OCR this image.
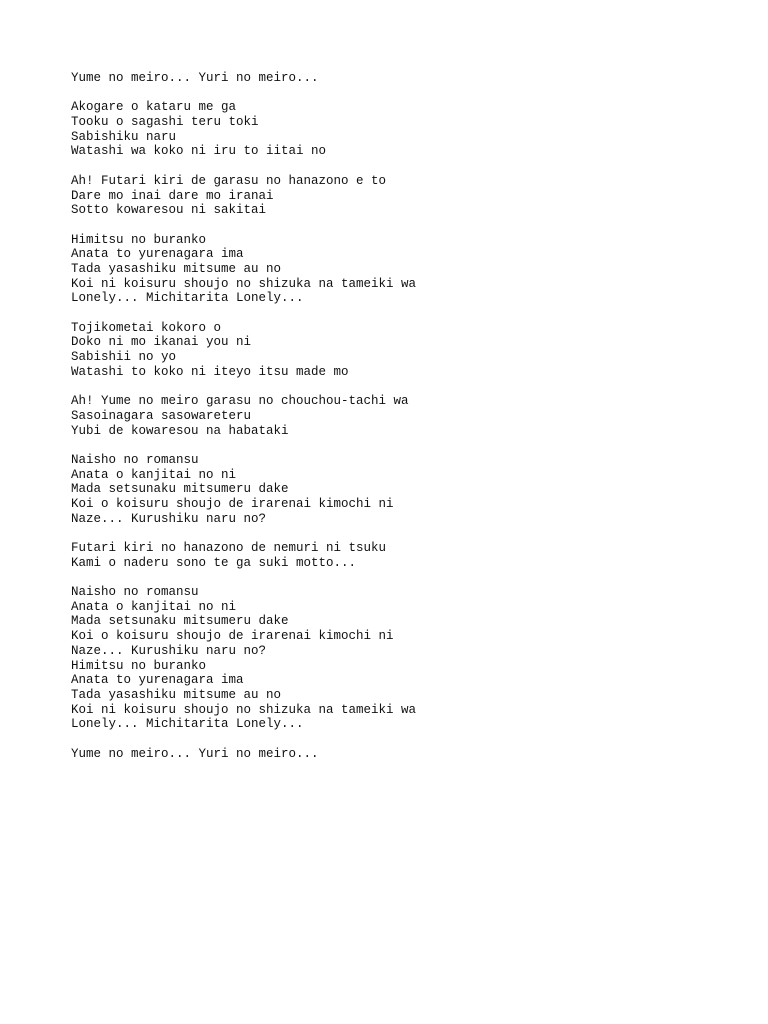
Yume no meiro... Yuri no meiro...
Akogare o kataru me ga
Tooku o sagashi teru toki
Sabishiku naru
Watashi wa koko ni iru to iitai no
Ah! Futari kiri de garasu no hanazono e to
Dare mo inai dare mo iranai
Sotto kowaresou ni sakitai
Himitsu no buranko
Anata to yurenagara ima
Tada yasashiku mitsume au no
Koi ni koisuru shoujo no shizuka na tameiki wa
Lonely... Michitarita Lonely...
Tojikometai kokoro o
Doko ni mo ikanai you ni
Sabishii no yo
Watashi to koko ni iteyo itsu made mo
Ah! Yume no meiro garasu no chouchou-tachi wa
Sasoinagara sasowareteru
Yubi de kowaresou na habataki
Naisho no romansu
Anata o kanjitai no ni
Mada setsunaku mitsumeru dake
Koi o koisuru shoujo de irarenai kimochi ni
Naze... Kurushiku naru no?
Futari kiri no hanazono de nemuri ni tsuku
Kami o naderu sono te ga suki motto...
Naisho no romansu
Anata o kanjitai no ni
Mada setsunaku mitsumeru dake
Koi o koisuru shoujo de irarenai kimochi ni
Naze... Kurushiku naru no?
Himitsu no buranko
Anata to yurenagara ima
Tada yasashiku mitsume au no
Koi ni koisuru shoujo no shizuka na tameiki wa
Lonely... Michitarita Lonely...
Yume no meiro... Yuri no meiro...
